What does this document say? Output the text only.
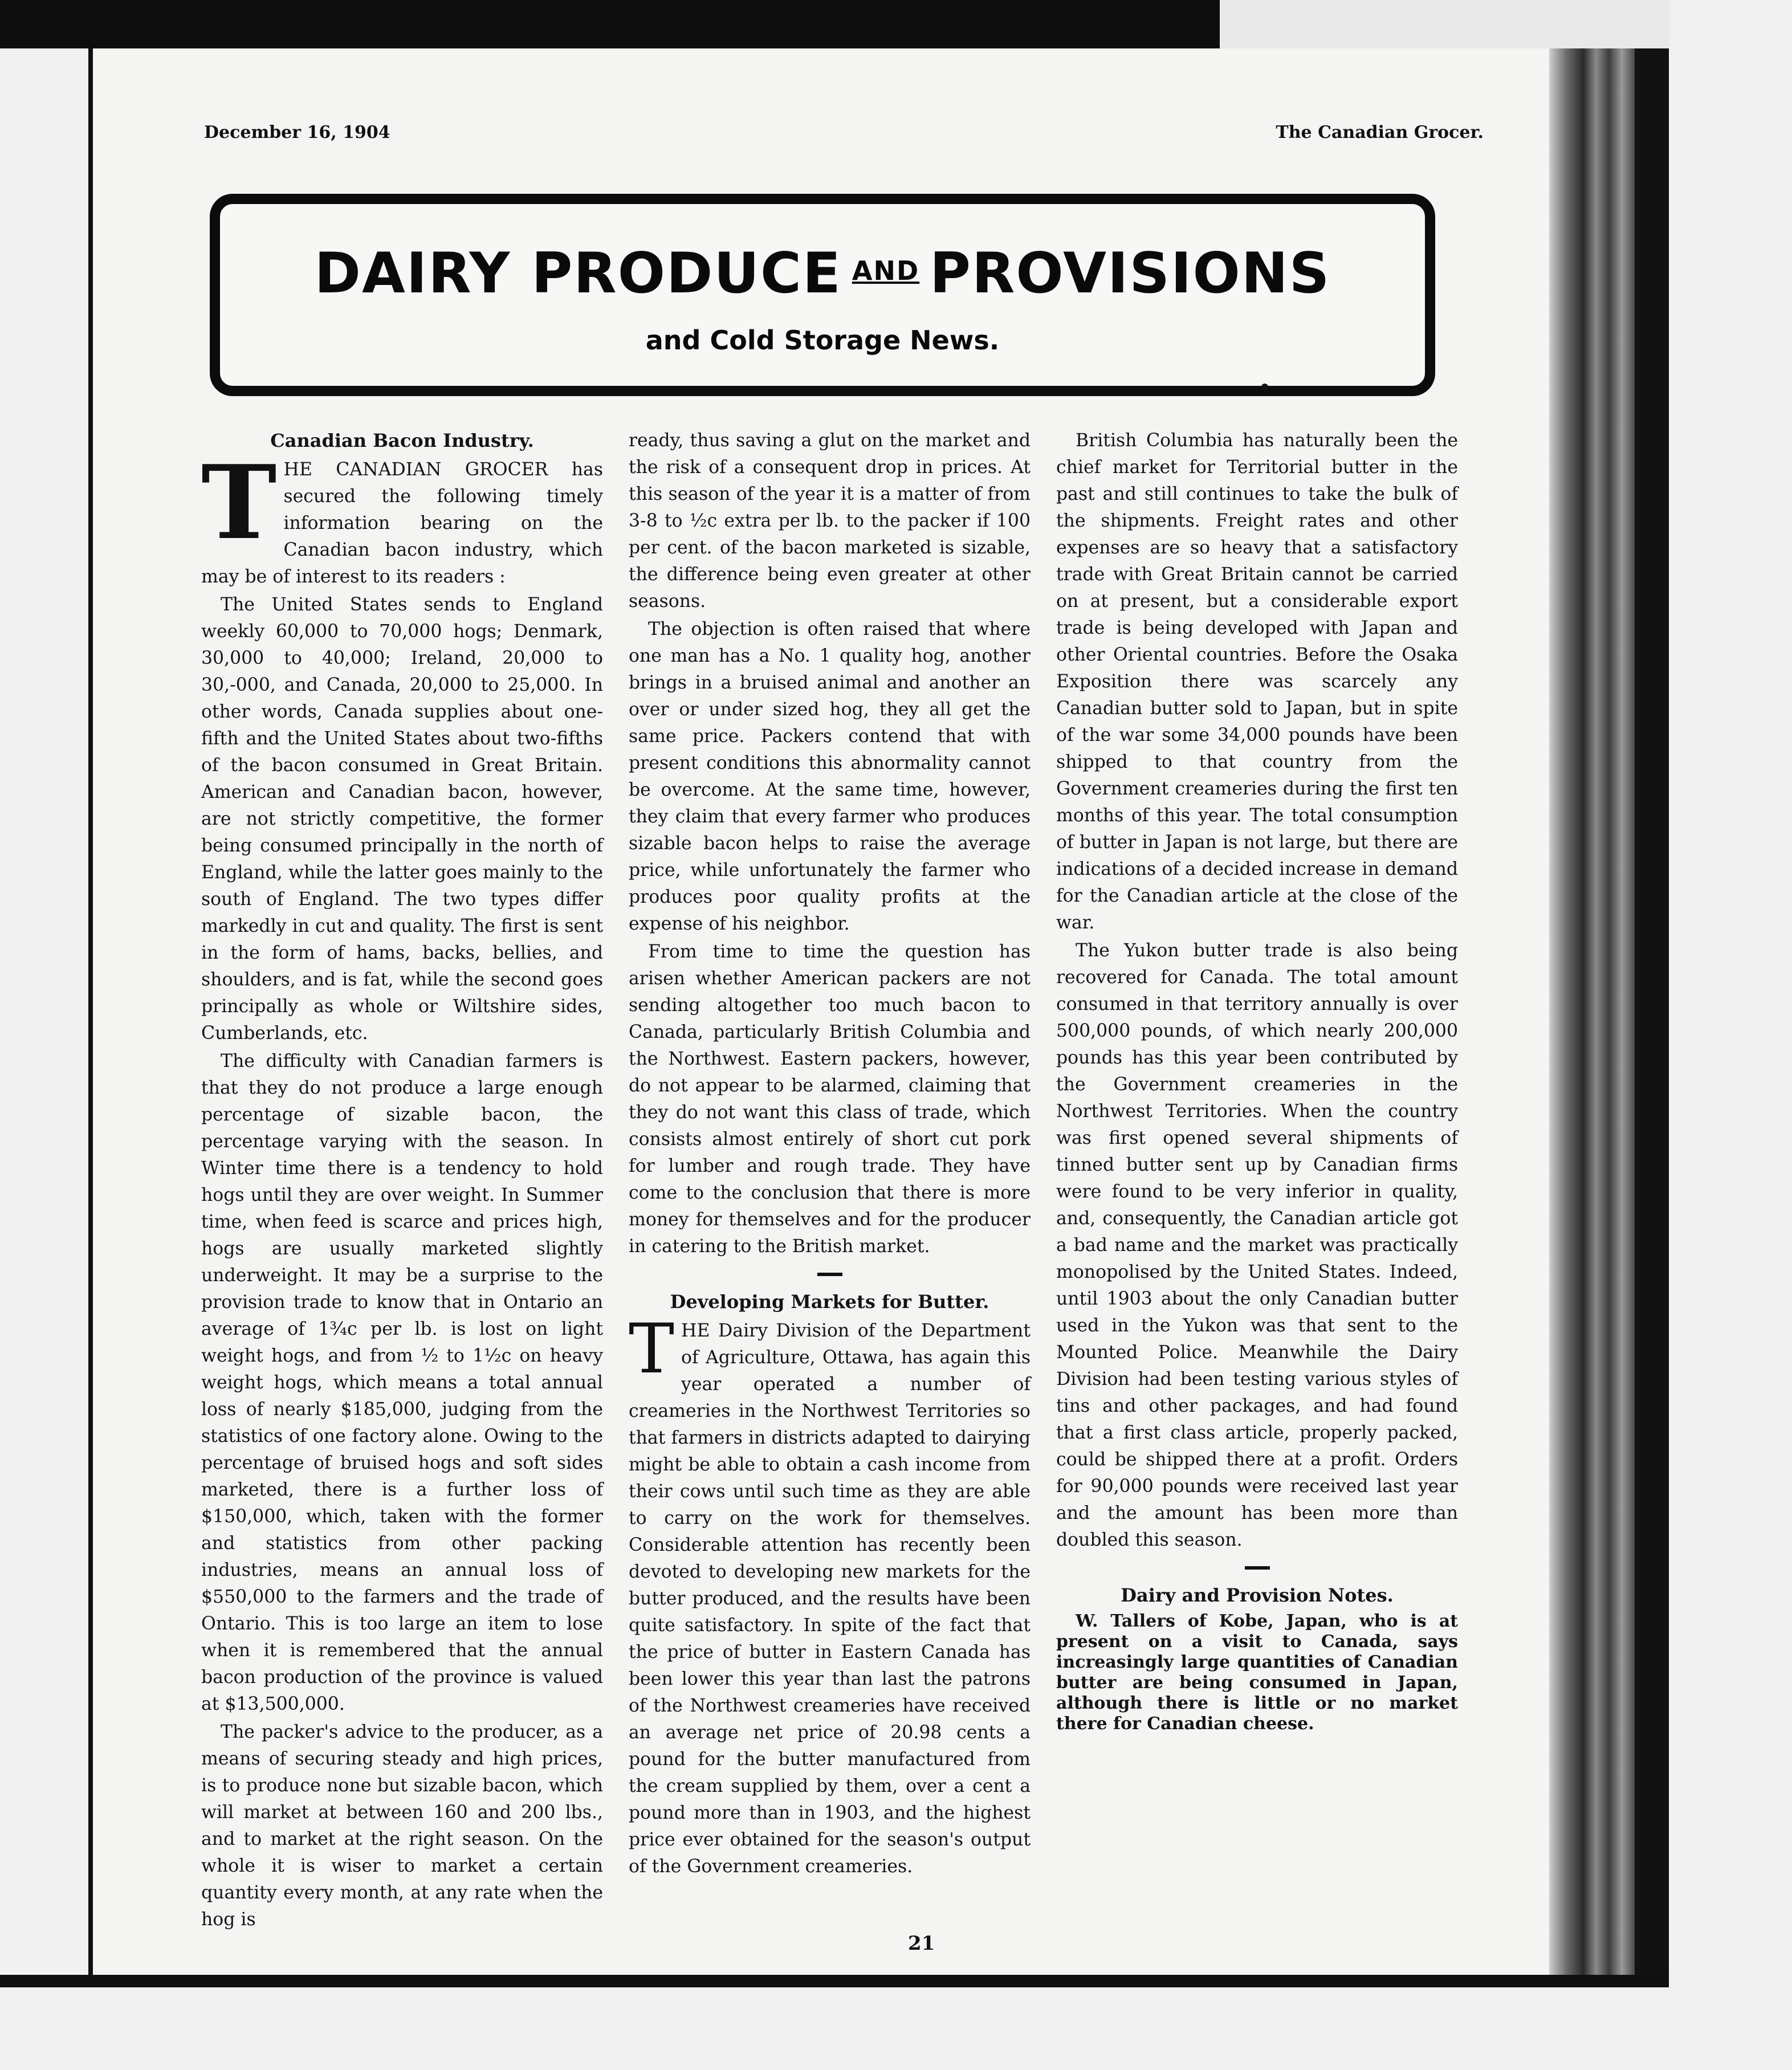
December 16, 1904	The Canadian Grocer.
DAIRY PRODUCE $^{AND}$ PROVISIONS
and Cold Storage News.
Canadian Bacon Industry.

THE CANADIAN GROCER has secured the following timely information bearing on the Canadian bacon industry, which may be of interest to its readers :

The United States sends to England weekly 60,000 to 70,000 hogs; Denmark, 30,000 to 40,000; Ireland, 20,000 to 30,-000, and Canada, 20,000 to 25,000. In other words, Canada supplies about one-fifth and the United States about two-fifths of the bacon consumed in Great Britain. American and Canadian bacon, however, are not strictly competitive, the former being consumed principally in the north of England, while the latter goes mainly to the south of England. The two types differ markedly in cut and quality. The first is sent in the form of hams, backs, bellies, and shoulders, and is fat, while the second goes principally as whole or Wiltshire sides, Cumberlands, etc.

The difficulty with Canadian farmers is that they do not produce a large enough percentage of sizable bacon, the percentage varying with the season. In Winter time there is a tendency to hold hogs until they are over weight. In Summer time, when feed is scarce and prices high, hogs are usually marketed slightly underweight. It may be a surprise to the provision trade to know that in Ontario an average of 1¾c per lb. is lost on light weight hogs, and from ½ to 1½c on heavy weight hogs, which means a total annual loss of nearly $185,000, judging from the statistics of one factory alone. Owing to the percentage of bruised hogs and soft sides marketed, there is a further loss of $150,000, which, taken with the former and statistics from other packing industries, means an annual loss of $550,000 to the farmers and the trade of Ontario. This is too large an item to lose when it is remembered that the annual bacon production of the province is valued at $13,500,000.

The packer's advice to the producer, as a means of securing steady and high prices, is to produce none but sizable bacon, which will market at between 160 and 200 lbs., and to market at the right season. On the whole it is wiser to market a certain quantity every month, at any rate when the hog is

ready, thus saving a glut on the market and the risk of a consequent drop in prices. At this season of the year it is a matter of from 3-8 to ½c extra per lb. to the packer if 100 per cent. of the bacon marketed is sizable, the difference being even greater at other seasons.

The objection is often raised that where one man has a No. 1 quality hog, another brings in a bruised animal and another an over or under sized hog, they all get the same price. Packers contend that with present conditions this abnormality cannot be overcome. At the same time, however, they claim that every farmer who produces sizable bacon helps to raise the average price, while unfortunately the farmer who produces poor quality profits at the expense of his neighbor.

From time to time the question has arisen whether American packers are not sending altogether too much bacon to Canada, particularly British Columbia and the Northwest. Eastern packers, however, do not appear to be alarmed, claiming that they do not want this class of trade, which consists almost entirely of short cut pork for lumber and rough trade. They have come to the conclusion that there is more money for themselves and for the producer in catering to the British market.

Developing Markets for Butter.

THE Dairy Division of the Department of Agriculture, Ottawa, has again this year operated a number of creameries in the Northwest Territories so that farmers in districts adapted to dairying might be able to obtain a cash income from their cows until such time as they are able to carry on the work for themselves. Considerable attention has recently been devoted to developing new markets for the butter produced, and the results have been quite satisfactory. In spite of the fact that the price of butter in Eastern Canada has been lower this year than last the patrons of the Northwest creameries have received an average net price of 20.98 cents a pound for the butter manufactured from the cream supplied by them, over a cent a pound more than in 1903, and the highest price ever obtained for the season's output of the Government creameries.

British Columbia has naturally been the chief market for Territorial butter in the past and still continues to take the bulk of the shipments. Freight rates and other expenses are so heavy that a satisfactory trade with Great Britain cannot be carried on at present, but a considerable export trade is being developed with Japan and other Oriental countries. Before the Osaka Exposition there was scarcely any Canadian butter sold to Japan, but in spite of the war some 34,000 pounds have been shipped to that country from the Government creameries during the first ten months of this year. The total consumption of butter in Japan is not large, but there are indications of a decided increase in demand for the Canadian article at the close of the war.

The Yukon butter trade is also being recovered for Canada. The total amount consumed in that territory annually is over 500,000 pounds, of which nearly 200,000 pounds has this year been contributed by the Government creameries in the Northwest Territories. When the country was first opened several shipments of tinned butter sent up by Canadian firms were found to be very inferior in quality, and, consequently, the Canadian article got a bad name and the market was practically monopolised by the United States. Indeed, until 1903 about the only Canadian butter used in the Yukon was that sent to the Mounted Police. Meanwhile the Dairy Division had been testing various styles of tins and other packages, and had found that a first class article, properly packed, could be shipped there at a profit. Orders for 90,000 pounds were received last year and the amount has been more than doubled this season.

Dairy and Provision Notes.

W. Tallers of Kobe, Japan, who is at present on a visit to Canada, says increasingly large quantities of Canadian butter are being consumed in Japan, although there is little or no market there for Canadian cheese.

21
